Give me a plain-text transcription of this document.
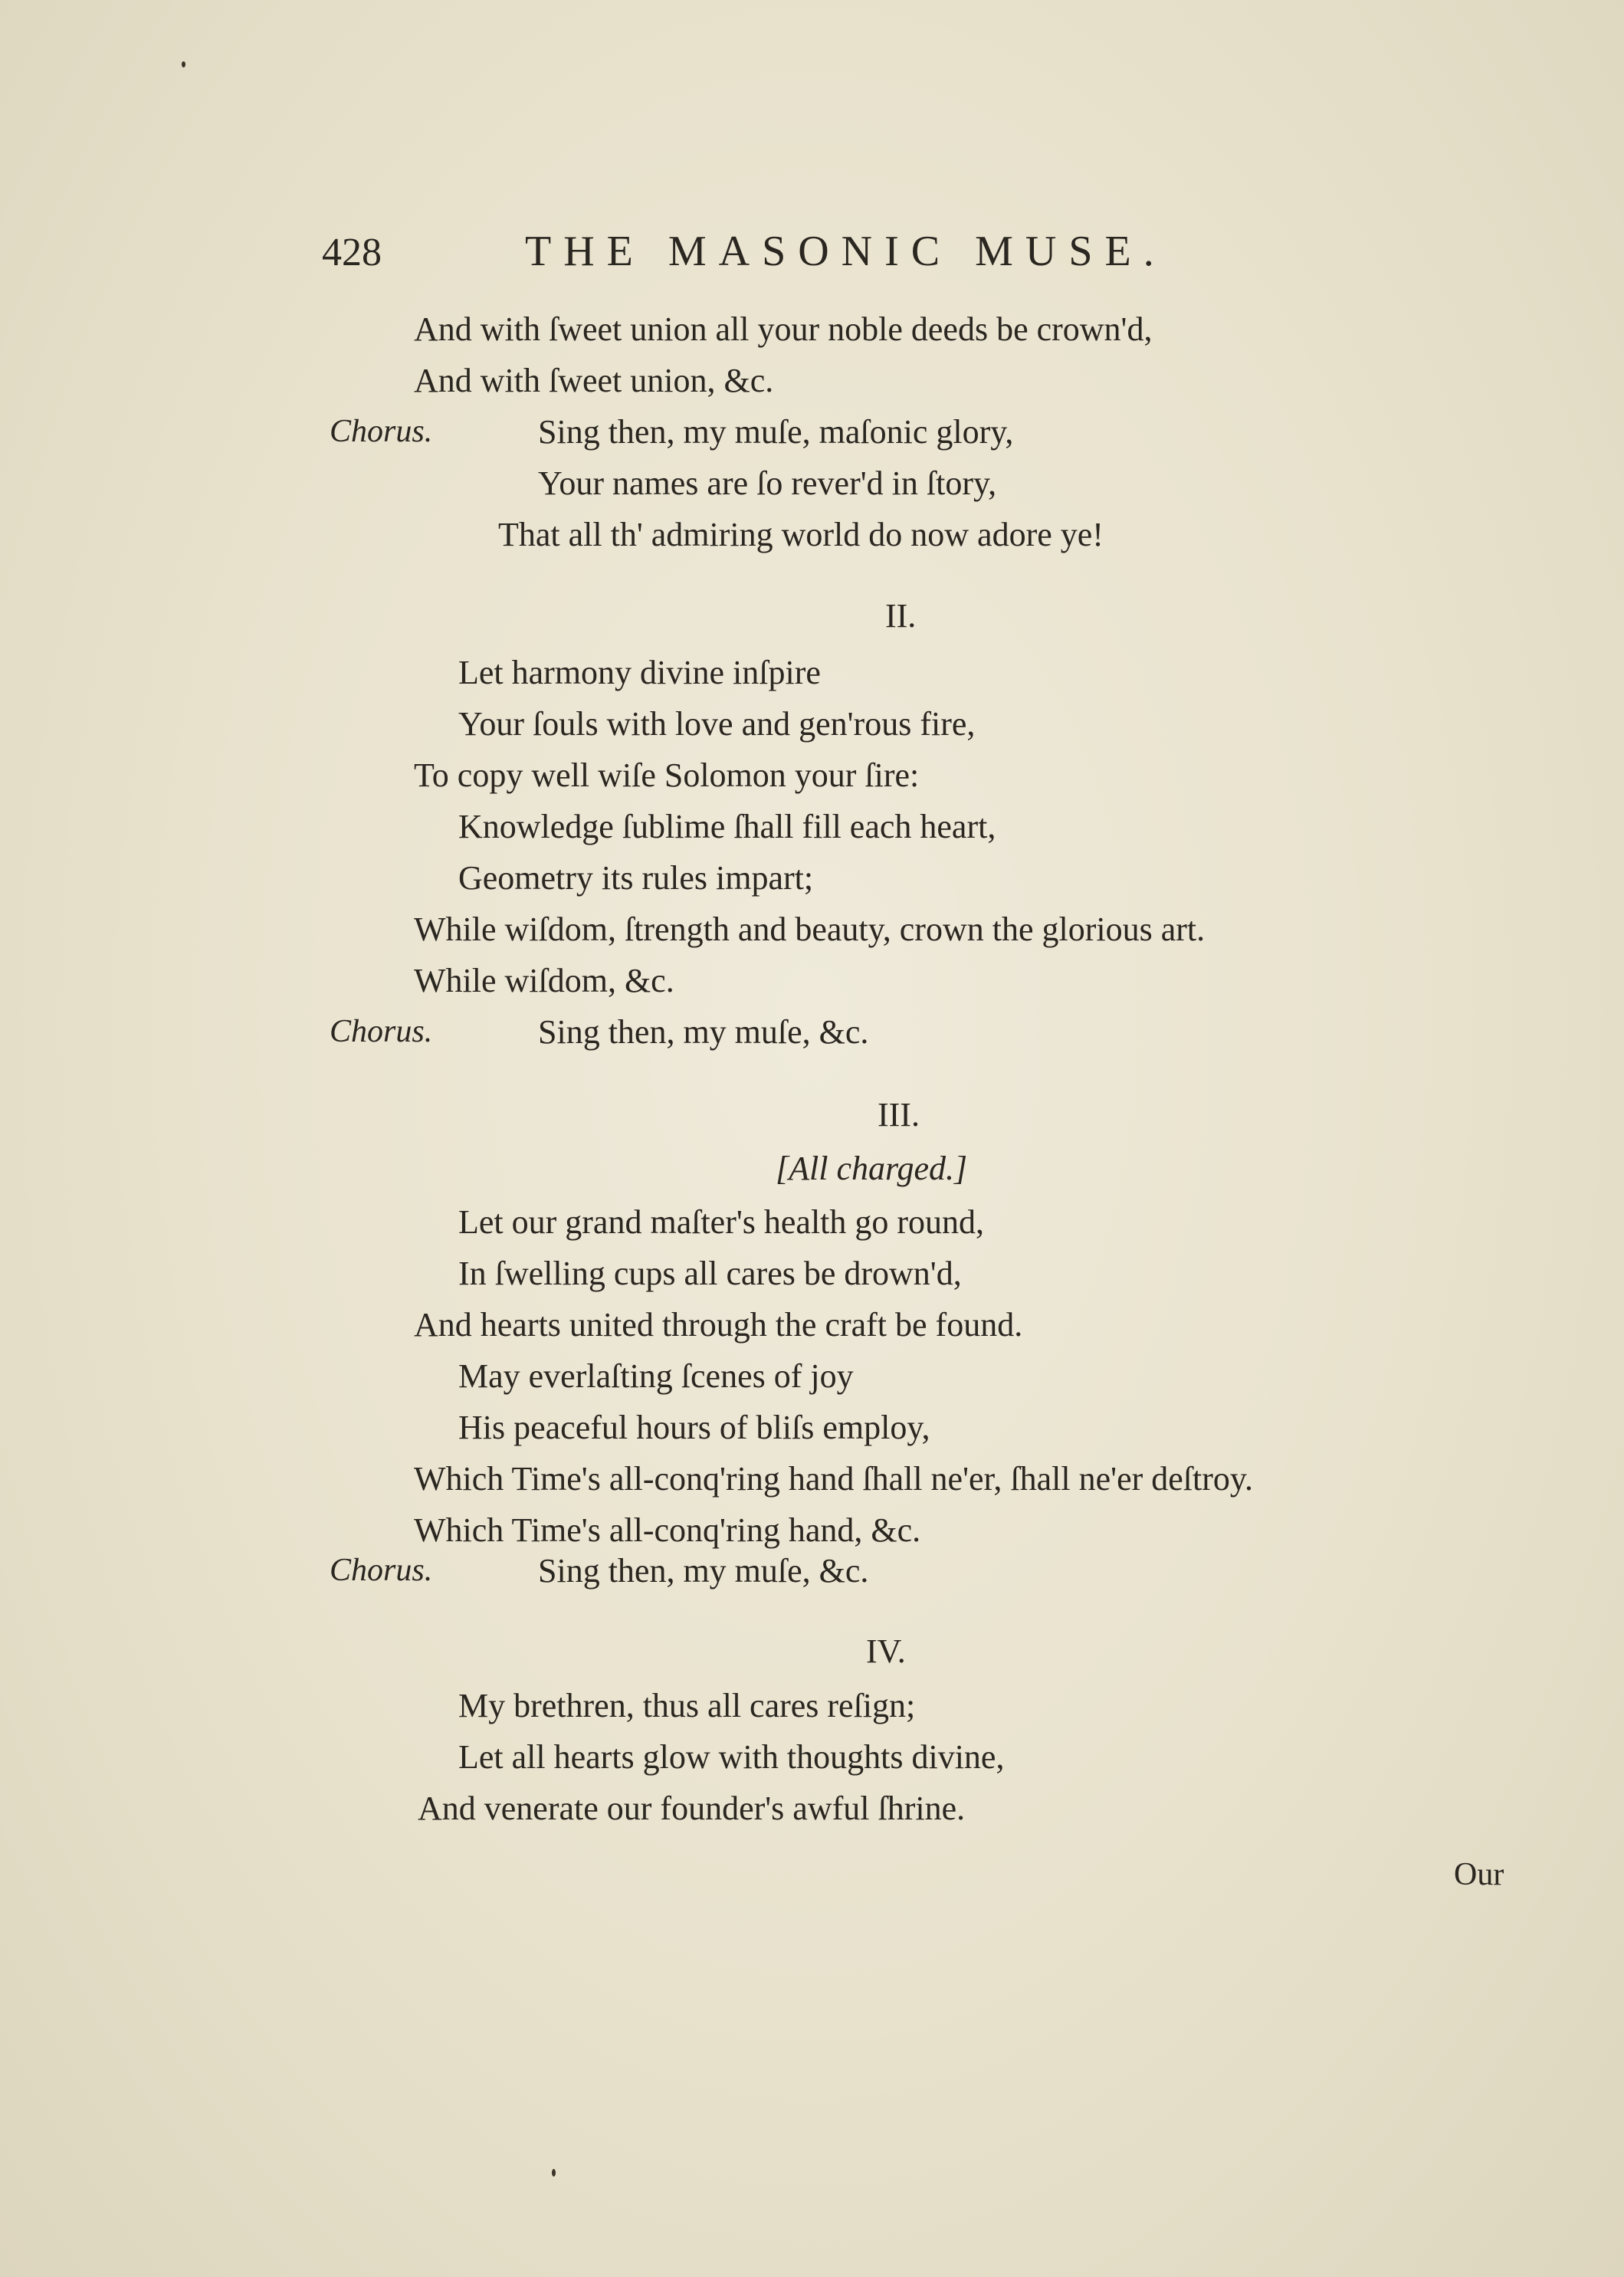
428	THE MASONIC MUSE.
And with ſweet union all your noble deeds be crown'd,
And with ſweet union, &c.
Chorus.	Sing then, my muſe, maſonic glory,
Your names are ſo rever'd in ſtory,
That all th' admiring world do now adore ye!
II.
Let harmony divine inſpire
Your ſouls with love and gen'rous fire,
To copy well wiſe Solomon your ſire:
Knowledge ſublime ſhall fill each heart,
Geometry its rules impart;
While wiſdom, ſtrength and beauty, crown the glorious art.
While wiſdom, &c.
Chorus.	Sing then, my muſe, &c.
III.
[All charged.]
Let our grand maſter's health go round,
In ſwelling cups all cares be drown'd,
And hearts united through the craft be found.
May everlaſting ſcenes of joy
His peaceful hours of bliſs employ,
Which Time's all-conq'ring hand ſhall ne'er, ſhall ne'er deſtroy.
Which Time's all-conq'ring hand, &c.
Chorus.	Sing then, my muſe, &c.
IV.
My brethren, thus all cares reſign;
Let all hearts glow with thoughts divine,
And venerate our founder's awful ſhrine.
Our
